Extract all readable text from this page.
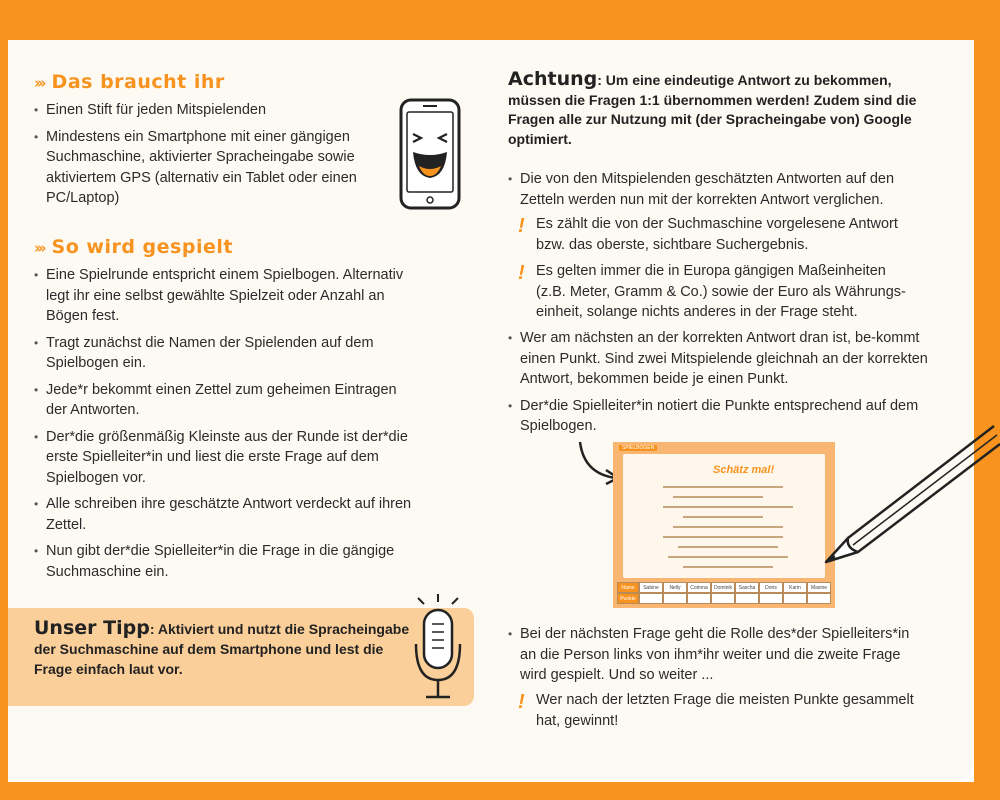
››› Das braucht ihr
• Einen Stift für jeden Mitspielenden
• Mindestens ein Smartphone mit einer gängigen Suchmaschine, aktivierter Spracheingabe sowie aktiviertem GPS (alternativ ein Tablet oder einen PC/Laptop)
››› So wird gespielt
• Eine Spielrunde entspricht einem Spielbogen. Alternativ legt ihr eine selbst gewählte Spielzeit oder Anzahl an Bögen fest.
• Tragt zunächst die Namen der Spielenden auf dem Spielbogen ein.
• Jede*r bekommt einen Zettel zum geheimen Eintragen der Antworten.
• Der*die größenmäßig Kleinste aus der Runde ist der*die erste Spielleiter*in und liest die erste Frage auf dem Spielbogen vor.
• Alle schreiben ihre geschätzte Antwort verdeckt auf ihren Zettel.
• Nun gibt der*die Spielleiter*in die Frage in die gängige Suchmaschine ein.
Unser Tipp: Aktiviert und nutzt die Spracheingabe der Suchmaschine auf dem Smartphone und lest die Frage einfach laut vor.
Achtung: Um eine eindeutige Antwort zu bekommen, müssen die Fragen 1:1 übernommen werden! Zudem sind die Fragen alle zur Nutzung mit (der Spracheingabe von) Google optimiert.
• Die von den Mitspielenden geschätzten Antworten auf den Zetteln werden nun mit der korrekten Antwort verglichen.
! Es zählt die von der Suchmaschine vorgelesene Antwort bzw. das oberste, sichtbare Suchergebnis.
! Es gelten immer die in Europa gängigen Maßeinheiten (z.B. Meter, Gramm & Co.) sowie der Euro als Währungs-einheit, solange nichts anderes in der Frage steht.
• Wer am nächsten an der korrekten Antwort dran ist, be-kommt einen Punkt. Sind zwei Mitspielende gleichnah an der korrekten Antwort, bekommen beide je einen Punkt.
• Der*die Spielleiter*in notiert die Punkte entsprechend auf dem Spielbogen.
SPIELBOGEN
Schätz mal!
Name	Sabine	Nelly	Corinna	Dominik	Sascha	Doris	Karin	Maxine
Punkte
• Bei der nächsten Frage geht die Rolle des*der Spielleiters*in an die Person links von ihm*ihr weiter und die zweite Frage wird gespielt. Und so weiter ...
! Wer nach der letzten Frage die meisten Punkte gesammelt hat, gewinnt!
